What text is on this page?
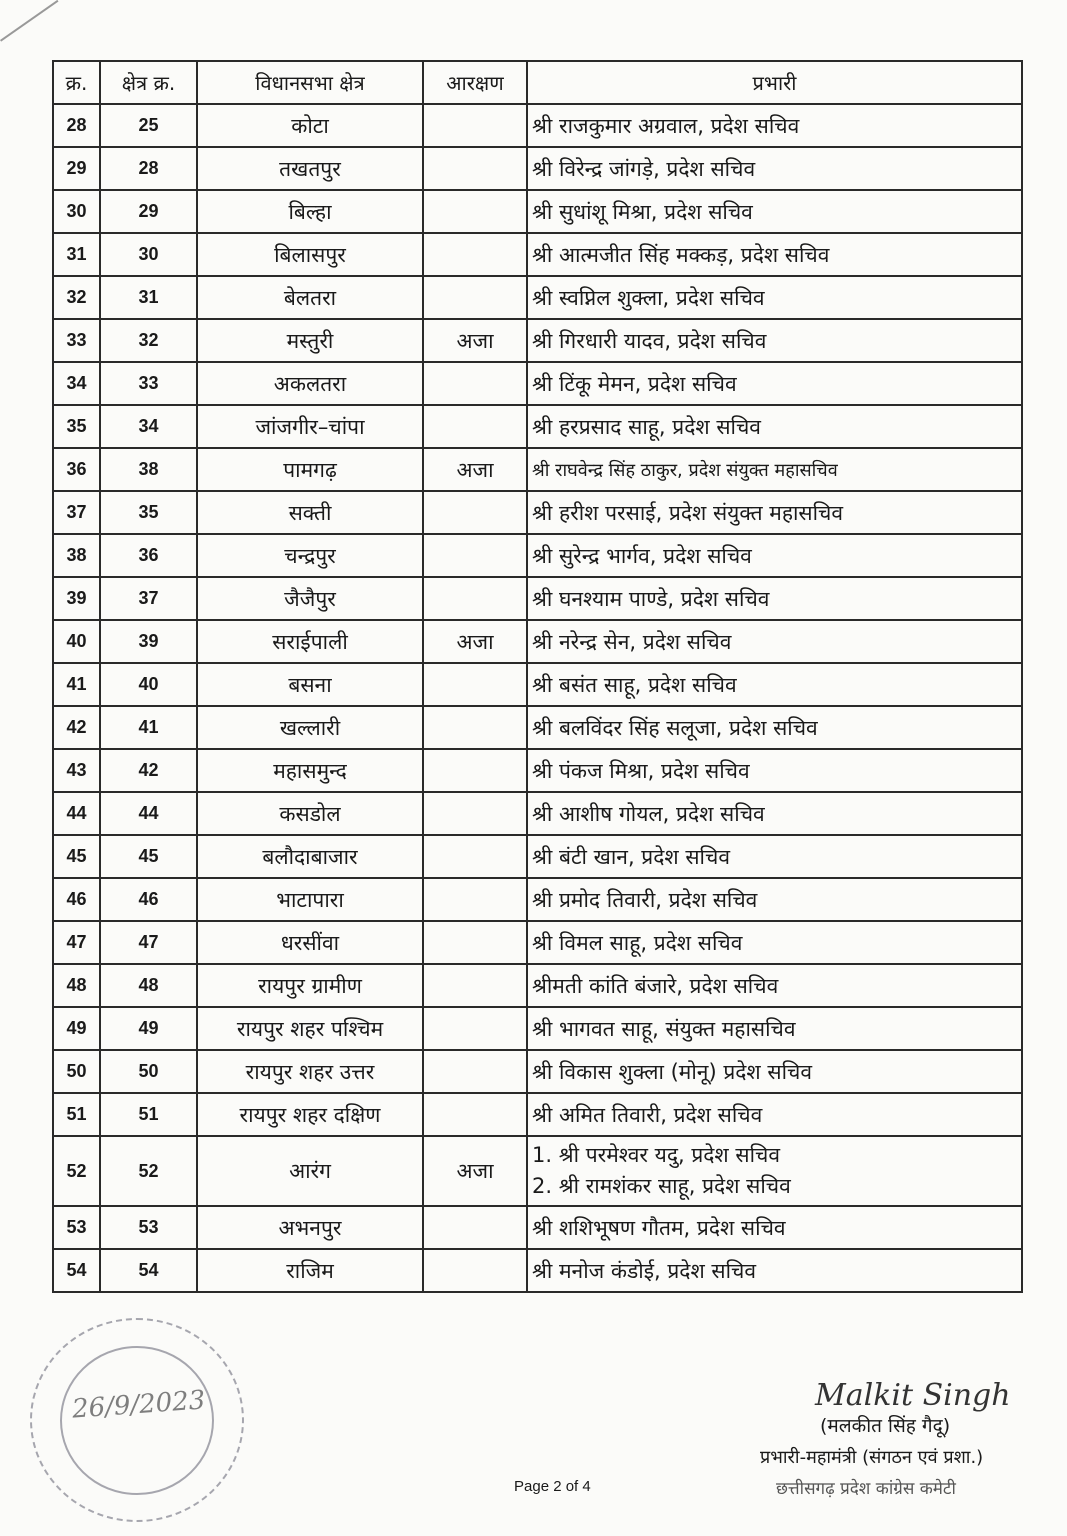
क्र.	क्षेत्र क्र.	विधानसभा क्षेत्र	आरक्षण	प्रभारी
28	25	कोटा		श्री राजकुमार अग्रवाल, प्रदेश सचिव
29	28	तखतपुर		श्री विरेन्द्र जांगड़े, प्रदेश सचिव
30	29	बिल्हा		श्री सुधांशू मिश्रा, प्रदेश सचिव
31	30	बिलासपुर		श्री आत्मजीत सिंह मक्कड़, प्रदेश सचिव
32	31	बेलतरा		श्री स्वप्निल शुक्ला, प्रदेश सचिव
33	32	मस्तुरी	अजा	श्री गिरधारी यादव, प्रदेश सचिव
34	33	अकलतरा		श्री टिंकू मेमन, प्रदेश सचिव
35	34	जांजगीर–चांपा		श्री हरप्रसाद साहू, प्रदेश सचिव
36	38	पामगढ़	अजा	श्री राघवेन्द्र सिंह ठाकुर, प्रदेश संयुक्त महासचिव
37	35	सक्ती		श्री हरीश परसाई, प्रदेश संयुक्त महासचिव
38	36	चन्द्रपुर		श्री सुरेन्द्र भार्गव, प्रदेश सचिव
39	37	जैजैपुर		श्री घनश्याम पाण्डे, प्रदेश सचिव
40	39	सराईपाली	अजा	श्री नरेन्द्र सेन, प्रदेश सचिव
41	40	बसना		श्री बसंत साहू, प्रदेश सचिव
42	41	खल्लारी		श्री बलविंदर सिंह सलूजा, प्रदेश सचिव
43	42	महासमुन्द		श्री पंकज मिश्रा, प्रदेश सचिव
44	44	कसडोल		श्री आशीष गोयल, प्रदेश सचिव
45	45	बलौदाबाजार		श्री बंटी खान, प्रदेश सचिव
46	46	भाटापारा		श्री प्रमोद तिवारी, प्रदेश सचिव
47	47	धरसींवा		श्री विमल साहू, प्रदेश सचिव
48	48	रायपुर ग्रामीण		श्रीमती कांति बंजारे, प्रदेश सचिव
49	49	रायपुर शहर पश्चिम		श्री भागवत साहू, संयुक्त महासचिव
50	50	रायपुर शहर उत्तर		श्री विकास शुक्ला (मोनू) प्रदेश सचिव
51	51	रायपुर शहर दक्षिण		श्री अमित तिवारी, प्रदेश सचिव
52	52	आरंग	अजा	1. श्री परमेश्वर यदु, प्रदेश सचिव
2. श्री रामशंकर साहू, प्रदेश सचिव

53	53	अभनपुर		श्री शशिभूषण गौतम, प्रदेश सचिव
54	54	राजिम		श्री मनोज कंडोई, प्रदेश सचिव
26/9/2023	Malkit Singh
(मलकीत सिंह गैदू)
प्रभारी-महामंत्री (संगठन एवं प्रशा.)
छत्तीसगढ़ प्रदेश कांग्रेस कमेटी
Page 2 of 4
